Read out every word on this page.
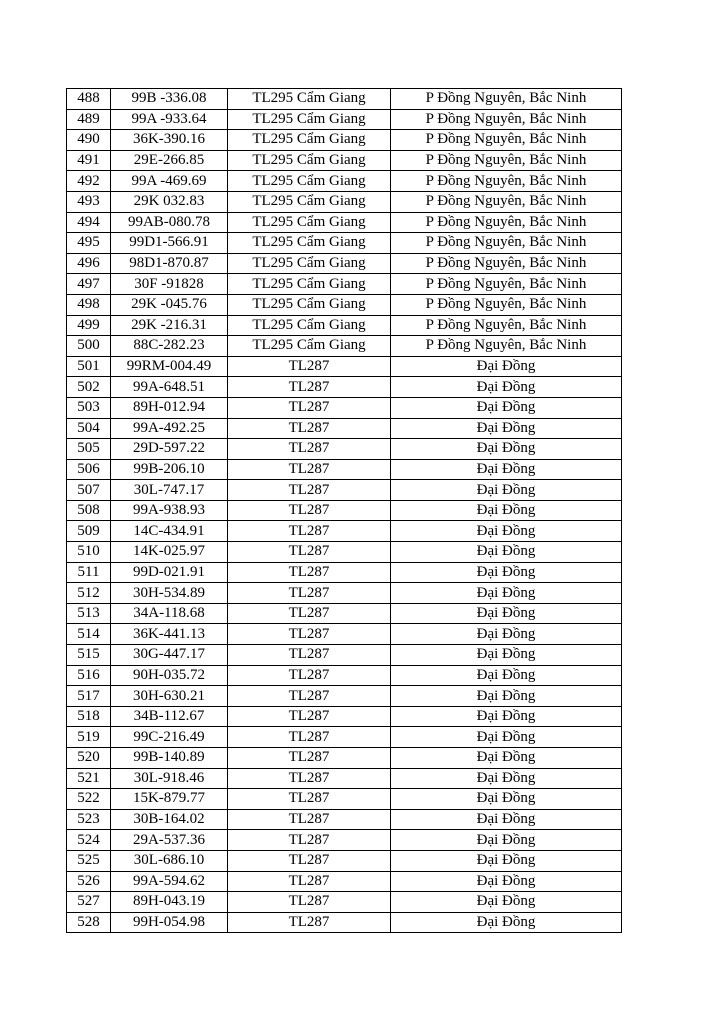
488	99B -336.08	TL295 Cẩm Giang	P Đồng Nguyên, Bắc Ninh
489	99A -933.64	TL295 Cẩm Giang	P Đồng Nguyên, Bắc Ninh
490	36K-390.16	TL295 Cẩm Giang	P Đồng Nguyên, Bắc Ninh
491	29E-266.85	TL295 Cẩm Giang	P Đồng Nguyên, Bắc Ninh
492	99A -469.69	TL295 Cẩm Giang	P Đồng Nguyên, Bắc Ninh
493	29K 032.83	TL295 Cẩm Giang	P Đồng Nguyên, Bắc Ninh
494	99AB-080.78	TL295 Cẩm Giang	P Đồng Nguyên, Bắc Ninh
495	99D1-566.91	TL295 Cẩm Giang	P Đồng Nguyên, Bắc Ninh
496	98D1-870.87	TL295 Cẩm Giang	P Đồng Nguyên, Bắc Ninh
497	30F -91828	TL295 Cẩm Giang	P Đồng Nguyên, Bắc Ninh
498	29K -045.76	TL295 Cẩm Giang	P Đồng Nguyên, Bắc Ninh
499	29K -216.31	TL295 Cẩm Giang	P Đồng Nguyên, Bắc Ninh
500	88C-282.23	TL295 Cẩm Giang	P Đồng Nguyên, Bắc Ninh
501	99RM-004.49	TL287	Đại Đồng
502	99A-648.51	TL287	Đại Đồng
503	89H-012.94	TL287	Đại Đồng
504	99A-492.25	TL287	Đại Đồng
505	29D-597.22	TL287	Đại Đồng
506	99B-206.10	TL287	Đại Đồng
507	30L-747.17	TL287	Đại Đồng
508	99A-938.93	TL287	Đại Đồng
509	14C-434.91	TL287	Đại Đồng
510	14K-025.97	TL287	Đại Đồng
511	99D-021.91	TL287	Đại Đồng
512	30H-534.89	TL287	Đại Đồng
513	34A-118.68	TL287	Đại Đồng
514	36K-441.13	TL287	Đại Đồng
515	30G-447.17	TL287	Đại Đồng
516	90H-035.72	TL287	Đại Đồng
517	30H-630.21	TL287	Đại Đồng
518	34B-112.67	TL287	Đại Đồng
519	99C-216.49	TL287	Đại Đồng
520	99B-140.89	TL287	Đại Đồng
521	30L-918.46	TL287	Đại Đồng
522	15K-879.77	TL287	Đại Đồng
523	30B-164.02	TL287	Đại Đồng
524	29A-537.36	TL287	Đại Đồng
525	30L-686.10	TL287	Đại Đồng
526	99A-594.62	TL287	Đại Đồng
527	89H-043.19	TL287	Đại Đồng
528	99H-054.98	TL287	Đại Đồng
